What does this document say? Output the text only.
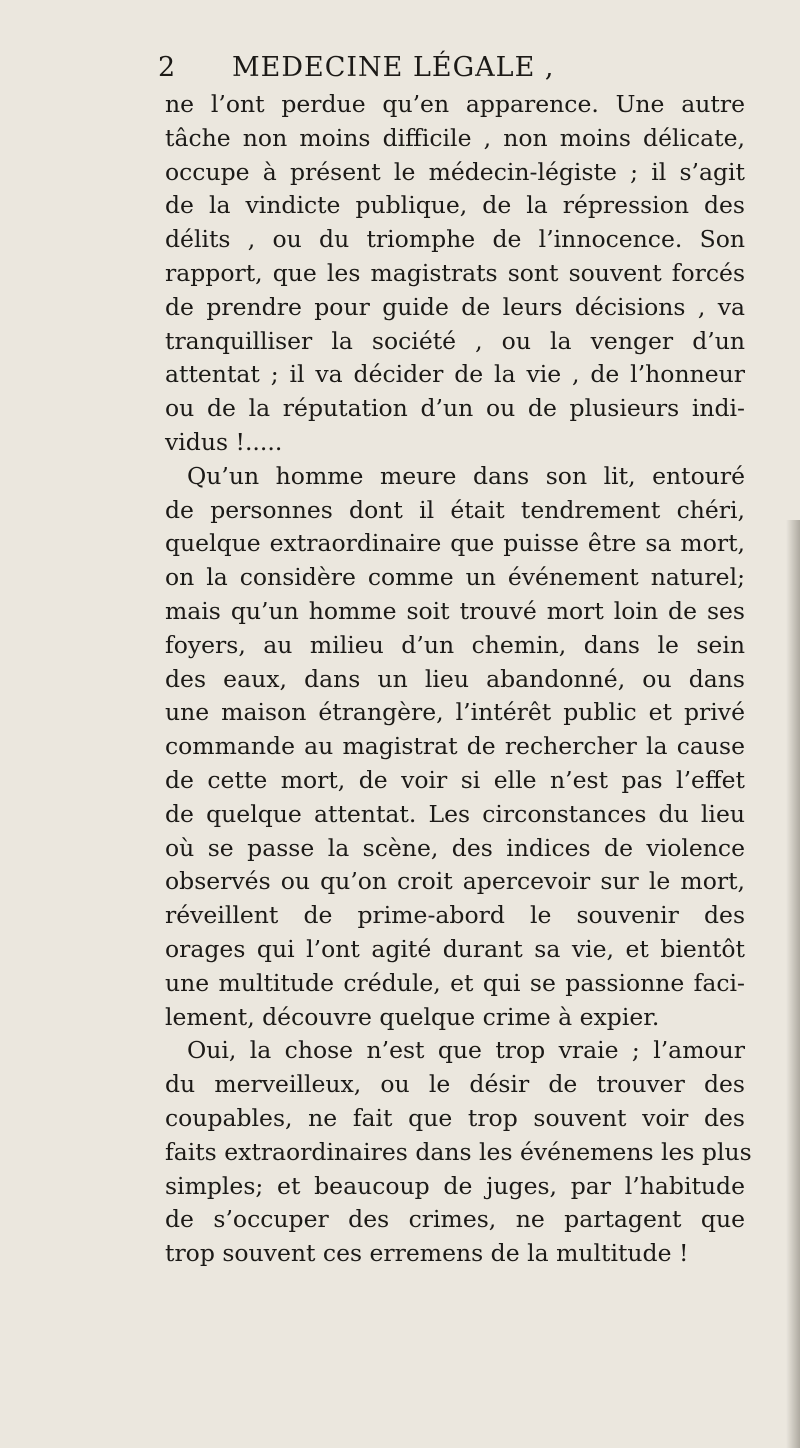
2 MEDECINE LÉGALE ,
ne l’ont perdue qu’en apparence. Une autre
tâche non moins difficile , non moins délicate,
occupe à présent le médecin-légiste ; il s’agit
de la vindicte publique, de la répression des
délits , ou du triomphe de l’innocence. Son
rapport, que les magistrats sont souvent forcés
de prendre pour guide de leurs décisions , va
tranquilliser la société , ou la venger d’un
attentat ; il va décider de la vie , de l’honneur
ou de la réputation d’un ou de plusieurs indi-
vidus !.....
Qu’un homme meure dans son lit, entouré
de personnes dont il était tendrement chéri,
quelque extraordinaire que puisse être sa mort,
on la considère comme un événement naturel;
mais qu’un homme soit trouvé mort loin de ses
foyers, au milieu d’un chemin, dans le sein
des eaux, dans un lieu abandonné, ou dans
une maison étrangère, l’intérêt public et privé
commande au magistrat de rechercher la cause
de cette mort, de voir si elle n’est pas l’effet
de quelque attentat. Les circonstances du lieu
où se passe la scène, des indices de violence
observés ou qu’on croit apercevoir sur le mort,
réveillent de prime-abord le souvenir des
orages qui l’ont agité durant sa vie, et bientôt
une multitude crédule, et qui se passionne faci-
lement, découvre quelque crime à expier.
Oui, la chose n’est que trop vraie ; l’amour
du merveilleux, ou le désir de trouver des
coupables, ne fait que trop souvent voir des
faits extraordinaires dans les événemens les plus
simples; et beaucoup de juges, par l’habitude
de s’occuper des crimes, ne partagent que
trop souvent ces erremens de la multitude !
